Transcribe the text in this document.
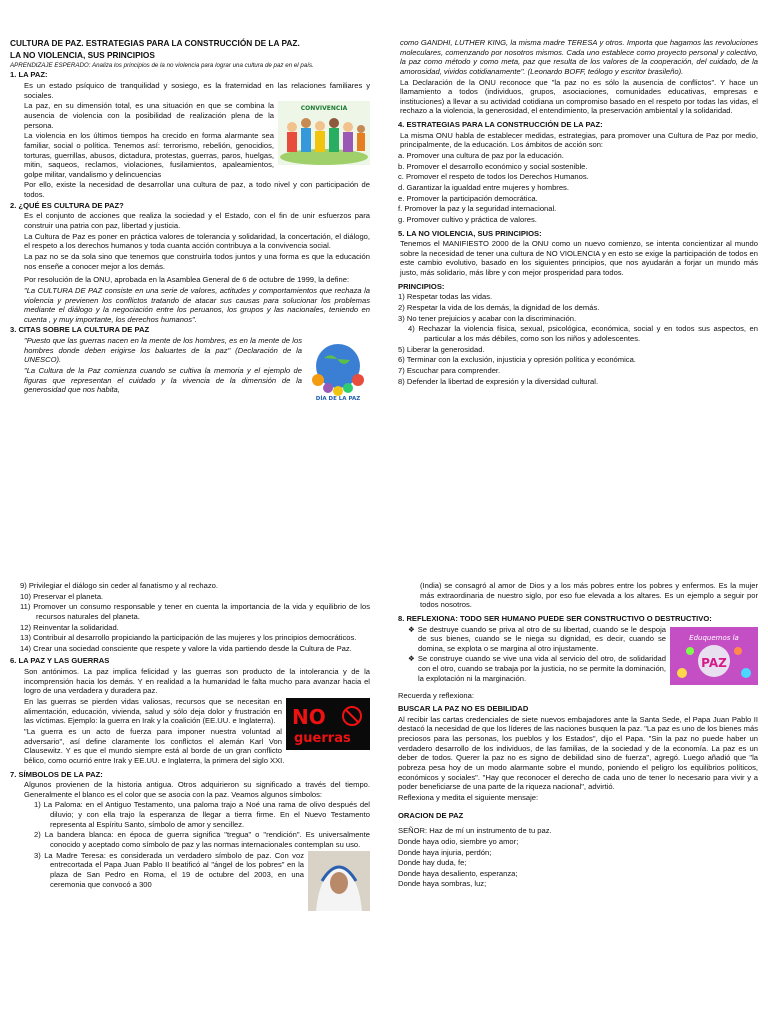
CULTURA DE PAZ. ESTRATEGIAS PARA LA CONSTRUCCIÓN DE LA PAZ.

LA NO VIOLENCIA, SUS PRINCIPIOS

APRENDIZAJE ESPERADO: Analiza los principios de la no violencia para lograr una cultura de paz en el país.

1. LA PAZ:

Es un estado psíquico de tranquilidad y sosiego, es la fraternidad en las relaciones familiares y sociales.

CONVIVENCIA

La paz, en su dimensión total, es una situación en que se combina la ausencia de violencia con la posibilidad de realización plena de la persona.

La violencia en los últimos tiempos ha crecido en forma alarmante sea familiar, social o política. Tenemos así: terrorismo, rebelión, genocidios, torturas, guerrillas, abusos, dictadura, protestas, guerras, paros, huelgas, mitin, saqueos, reclamos, violaciones, fusilamientos, apaleamientos, golpe militar, vandalismo y delincuencias

Por ello, existe la necesidad de desarrollar una cultura de paz, a todo nivel y con participación de todos.

2. ¿QUÉ ES CULTURA DE PAZ?

Es el conjunto de acciones que realiza la sociedad y el Estado, con el fin de unir esfuerzos para construir una patria con paz, libertad y justicia.

La Cultura de Paz es poner en práctica valores de tolerancia y solidaridad, la concertación, el diálogo, el respeto a los derechos humanos y toda cuanta acción contribuya a la convivencia social.

La paz no se da sola sino que tenemos que construirla todos juntos y una forma es que la educación nos enseñe a conocer mejor a los demás.

Por resolución de la ONU, aprobada en la Asamblea General de 6 de octubre de 1999, la define:

"La CULTURA DE PAZ consiste en una serie de valores, actitudes y comportamientos que rechaza la violencia y previenen los conflictos tratando de atacar sus causas para solucionar los problemas mediante el diálogo y la negociación entre los peruanos, los grupos y las nacionales, teniendo en cuenta , y muy importante, los derechos humanos".

3. CITAS SOBRE LA CULTURA DE PAZ

DÍA DE LA PAZ

"Puesto que las guerras nacen en la mente de los hombres, es en la mente de los hombres donde deben erigirse los baluartes de la paz" (Declaración de la UNESCO).

"La Cultura de la Paz comienza cuando se cultiva la memoria y el ejemplo de figuras que representan el cuidado y la vivencia de la dimensión de la generosidad que nos habita,

como GANDHI, LUTHER KING, la misma madre TERESA y otros. Importa que hagamos las revoluciones moleculares, comenzando por nosotros mismos. Cada uno establece como proyecto personal y colectivo, la paz como método y como meta, paz que resulta de los valores de la cooperación, del cuidado, de la amorosidad, vividos cotidianamente". (Leonardo BOFF, teólogo y escritor brasileño).

La Declaración de la ONU reconoce que "la paz no es sólo la ausencia de conflictos". Y hace un llamamiento a todos (individuos, grupos, asociaciones, comunidades educativas, empresas e instituciones) a llevar a su actividad cotidiana un compromiso basado en el respeto por todas las vidas, el rechazo a la violencia, la generosidad, el entendimiento, la preservación ambiental y la solidaridad.

4. ESTRATEGIAS PARA LA CONSTRUCCIÓN DE LA PAZ:

La misma ONU habla de establecer medidas, estrategias, para promover una Cultura de Paz por medio, principalmente, de la educación. Los ámbitos de acción son:

a. Promover una cultura de paz por la educación.

b. Promover el desarrollo económico y social sostenible.

c. Promover el respeto de todos los Derechos Humanos.

d. Garantizar la igualdad entre mujeres y hombres.

e. Promover la participación democrática.

f. Promover la paz y la seguridad internacional.

g. Promover cultivo y práctica de valores.

5. LA NO VIOLENCIA, SUS PRINCIPIOS:

Tenemos el MANIFIESTO 2000 de la ONU como un nuevo comienzo, se intenta concientizar al mundo sobre la necesidad de tener una cultura de NO VIOLENCIA y en esto se exige la participación de todos en este cambio evolutivo, basado en los siguientes principios, que nos ayudarán a forjar un mundo más justo, más solidario, más libre y con mejor prosperidad para todos.

PRINCIPIOS:

1) Respetar todas las vidas.

2) Respetar la vida de los demás, la dignidad de los demás.

3) No tener prejuicios y acabar con la discriminación.

4) Rechazar la violencia física, sexual, psicológica, económica, social y en todos sus aspectos, en particular a los más débiles, como son los niños y adolescentes.

5) Liberar la generosidad.

6) Terminar con la exclusión, injusticia y opresión política y económica.

7) Escuchar para comprender.

8) Defender la libertad de expresión y la diversidad cultural.

9) Privilegiar el diálogo sin ceder al fanatismo y al rechazo.

10) Preservar el planeta.

11) Promover un consumo responsable y tener en cuenta la importancia de la vida y equilibrio de los recursos naturales del planeta.

12) Reinventar la solidaridad.

13) Contribuir al desarrollo propiciando la participación de las mujeres y los principios democráticos.

14) Crear una sociedad consciente que respete y valore la vida partiendo desde la Cultura de Paz.

6. LA PAZ Y LAS GUERRAS

Son antónimos. La paz implica felicidad y las guerras son producto de la intolerancia y de la incomprensión hacia los demás. Y en realidad a la humanidad le falta mucho para avanzar hacia el logro de una verdadera y duradera paz.

NO
guerras

En las guerras se pierden vidas valiosas, recursos que se necesitan en alimentación, educación, vivienda, salud y sólo deja dolor y frustración en las víctimas. Ejemplo: la guerra en Irak y la coalición (EE.UU. e Inglaterra).

"La guerra es un acto de fuerza para imponer nuestra voluntad al adversario", así define claramente los conflictos el alemán Karl Von Clausewitz. Y es que el mundo siempre está al borde de un gran conflicto bélico, como ocurrió entre Irak y EE.UU. e Inglaterra, la primera del siglo XXI.

7. SÍMBOLOS DE LA PAZ:

Algunos provienen de la historia antigua. Otros adquirieron su significado a través del tiempo. Generalmente el blanco es el color que se asocia con la paz. Veamos algunos símbolos:

1) La Paloma: en el Antiguo Testamento, una paloma trajo a Noé una rama de olivo después del diluvio; y con ella trajo la esperanza de llegar a tierra firme. En el Nuevo Testamento representa al Espíritu Santo, símbolo de amor y sencillez.

2) La bandera blanca: en época de guerra significa "tregua" o "rendición". Es universalmente conocido y aceptado como símbolo de paz y las normas internacionales contemplan su uso.

3) La Madre Teresa: es considerada un verdadero símbolo de paz. Con voz entrecortada el Papa Juan Pablo II beatificó al "ángel de los pobres" en la plaza de San Pedro en Roma, el 19 de octubre del 2003, en una ceremonia que convocó a 300

(India) se consagró al amor de Dios y a los más pobres entre los pobres y enfermos. Es la mujer más extraordinaria de nuestro siglo, por eso fue elevada a los altares. Es un ejemplo a seguir por todos nosotros.

8. REFLEXIONA: TODO SER HUMANO PUEDE SER CONSTRUCTIVO O DESTRUCTIVO:

Eduquemos la
PAZ

❖ Se destruye cuando se priva al otro de su libertad, cuando se le despoja de sus bienes, cuando se le niega su dignidad, es decir, cuando se domina, se explota o se margina al otro injustamente.

❖ Se construye cuando se vive una vida al servicio del otro, de solidaridad con el otro, cuando se trabaja por la justicia, no se permite la dominación, la explotación ni la marginación.

Recuerda y reflexiona:

BUSCAR LA PAZ NO ES DEBILIDAD

Al recibir las cartas credenciales de siete nuevos embajadores ante la Santa Sede, el Papa Juan Pablo II destacó la necesidad de que los líderes de las naciones busquen la paz. "La paz es uno de los bienes más preciosos para las personas, los pueblos y los Estados", dijo el Papa. "Sin la paz no puede haber un verdadero desarrollo de los individuos, de las familias, de la sociedad y de la economía. La paz es un deber de todos. Querer la paz no es signo de debilidad sino de fuerza", agregó. Luego añadió que "la pobreza pesa hoy de un modo alarmante sobre el mundo, poniendo el peligro los equilibrios políticos, económicos y sociales". "Hay que reconocer el derecho de cada uno de tener lo necesario para vivir y a poder beneficiarse de una parte de la riqueza nacional", advirtió.

Reflexiona y medita el siguiente mensaje:

ORACION DE PAZ

SEÑOR: Haz de mí un instrumento de tu paz.

Donde haya odio, siembre yo amor;

Donde haya injuria, perdón;

Donde hay duda, fe;

Donde haya desaliento, esperanza;

Donde haya sombras, luz;
